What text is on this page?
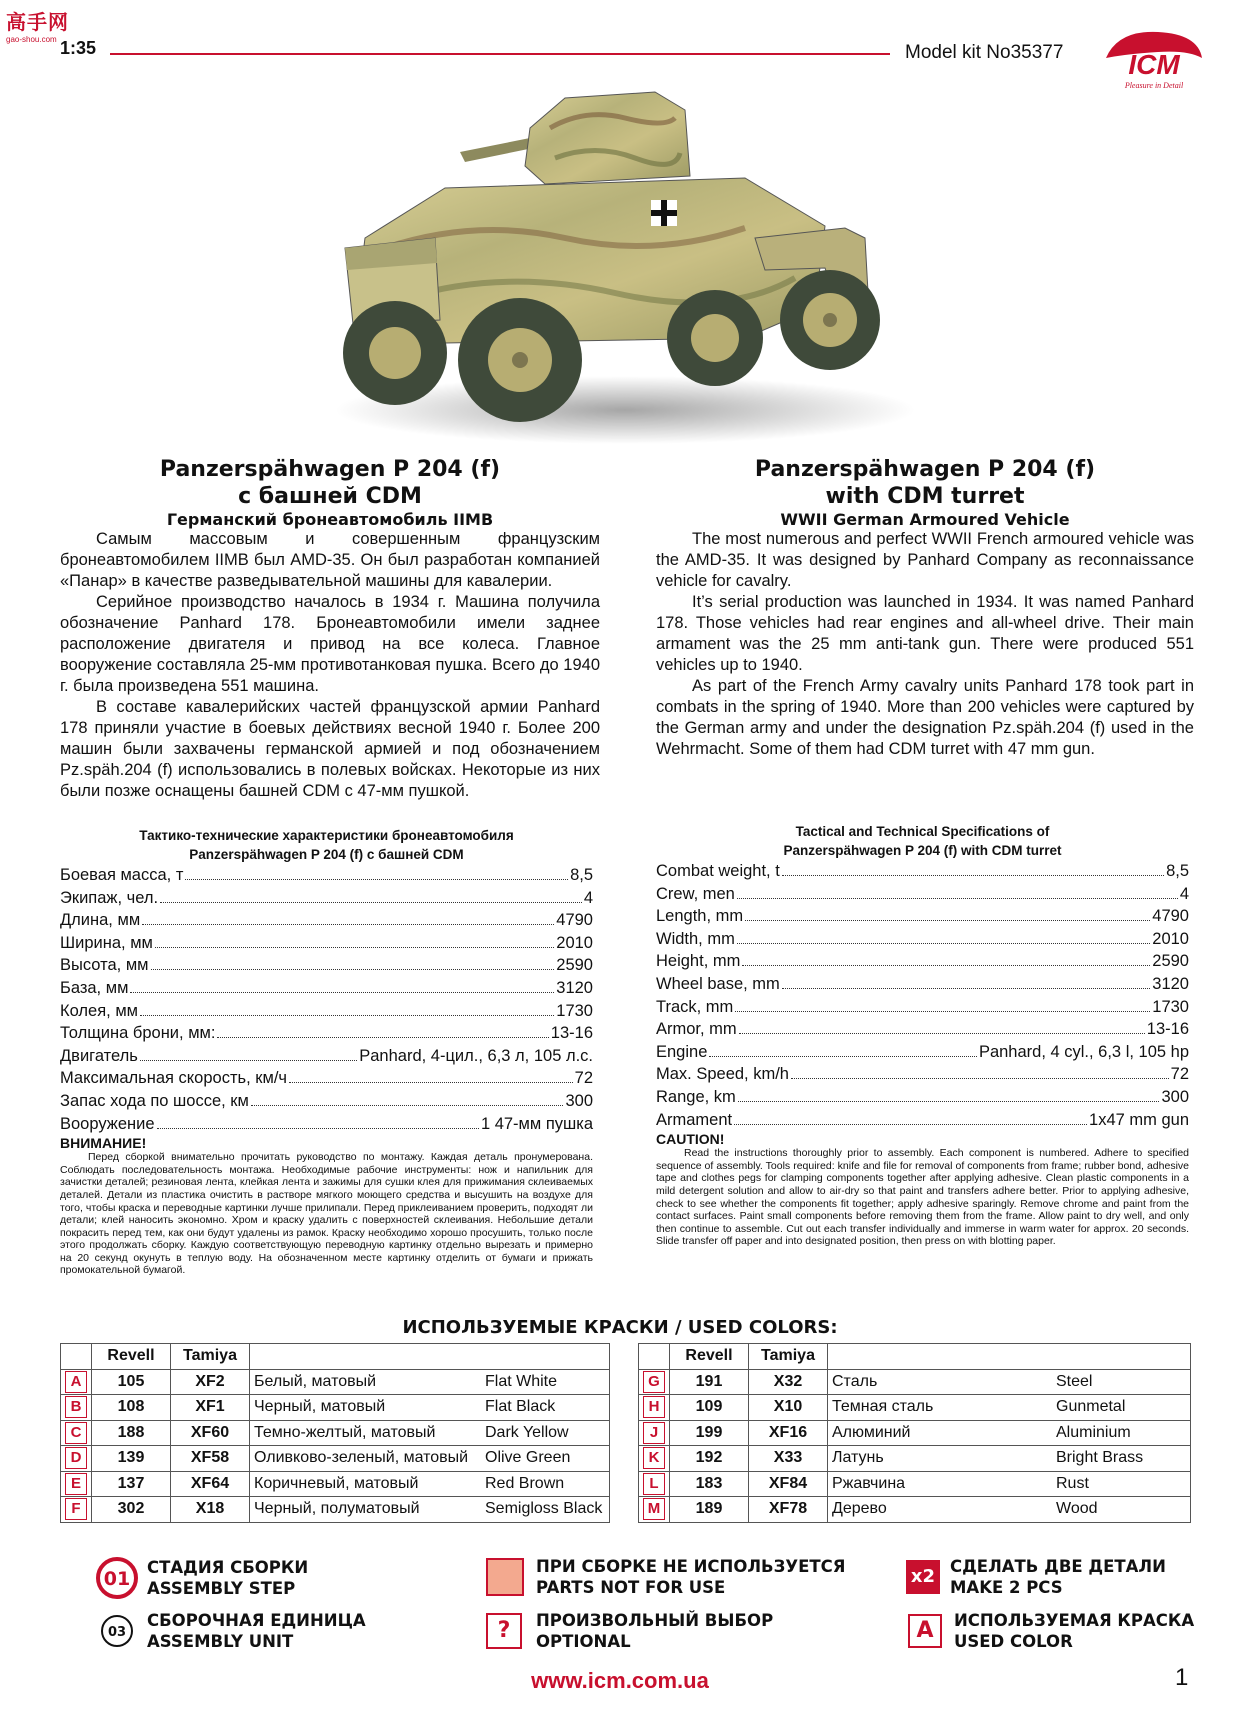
高手网
gao-shou.com 1:35	Model kit No35377 ICM
Pleasure in Detail
Panzerspähwagen P 204 (f)
с башней CDM
Германский бронеавтомобиль IIМВ

Самым массовым и совершенным французским бронеавтомобилем IIМВ был AMD-35. Он был разработан компанией «Панар» в качестве разведывательной машины для кавалерии.

Серийное производство началось в 1934 г. Машина получила обозначение Panhard 178. Бронеавтомобили имели заднее расположение двигателя и привод на все колеса. Главное вооружение составляла 25-мм противотанковая пушка. Всего до 1940 г. была произведена 551 машина.

В составе кавалерийских частей французской армии Panhard 178 приняли участие в боевых действиях весной 1940 г. Более 200 машин были захвачены германской армией и под обозначением Pz.späh.204 (f) использовались в полевых войсках. Некоторые из них были позже оснащены башней CDM с 47-мм пушкой.

Panzerspähwagen P 204 (f)
with CDM turret
WWII German Armoured Vehicle

The most numerous and perfect WWII French armoured vehicle was the AMD-35. It was designed by Panhard Company as reconnaissance vehicle for cavalry.

It’s serial production was launched in 1934. It was named Panhard 178. Those vehicles had rear engines and all-wheel drive. Their main armament was the 25 mm anti-tank gun. There were produced 551 vehicles up to 1940.

As part of the French Army cavalry units Panhard 178 took part in combats in the spring of 1940. More than 200 vehicles were captured by the German army and under the designation Pz.späh.204 (f) used in the Wehrmacht. Some of them had CDM turret with 47 mm gun.

Тактико-технические характеристики бронеавтомобиля
Panzerspähwagen P 204 (f) с башней CDM
Боевая масса, т	8,5
Экипаж, чел.	4
Длина, мм	4790
Ширина, мм	2010
Высота, мм	2590
База, мм	3120
Колея, мм	1730
Толщина брони, мм:	13-16
Двигатель	Panhard, 4-цил., 6,3 л, 105 л.с.
Максимальная скорость, км/ч	72
Запас хода по шоссе, км	300
Вооружение	1 47-мм пушка
ВНИМАНИЕ!

Перед сборкой внимательно прочитать руководство по монтажу. Каждая деталь пронумерована. Соблюдать последовательность монтажа. Необходимые рабочие инструменты: нож и напильник для зачистки деталей; резиновая лента, клейкая лента и зажимы для сушки клея для прижимания склеиваемых деталей. Детали из пластика очистить в растворе мягкого моющего средства и высушить на воздухе для того, чтобы краска и переводные картинки лучше прилипали. Перед приклеиванием проверить, подходят ли детали; клей наносить экономно. Хром и краску удалить с поверхностей склеивания. Небольшие детали покрасить перед тем, как они будут удалены из рамок. Краску необходимо хорошо просушить, только после этого продолжать сборку. Каждую соответствующую переводную картинку отдельно вырезать и примерно на 20 секунд окунуть в теплую воду. На обозначенном месте картинку отделить от бумаги и прижать промокательной бумагой.

Tactical and Technical Specifications of
Panzerspähwagen P 204 (f) with CDM turret
Combat weight, t	8,5
Crew, men	4
Length, mm	4790
Width, mm	2010
Height, mm	2590
Wheel base, mm	3120
Track, mm	1730
Armor, mm	13-16
Engine	Panhard, 4 cyl., 6,3 l, 105 hp
Max. Speed, km/h	72
Range, km	300
Armament	1x47 mm gun
CAUTION!

Read the instructions thoroughly prior to assembly. Each component is numbered. Adhere to specified sequence of assembly. Tools required: knife and file for removal of components from frame; rubber bond, adhesive tape and clothes pegs for clamping components together after applying adhesive. Clean plastic components in a mild detergent solution and allow to air-dry so that paint and transfers adhere better. Prior to applying adhesive, check to see whether the components fit together; apply adhesive sparingly. Remove chrome and paint from the contact surfaces. Paint small components before removing them from the frame. Allow paint to dry well, and only then continue to assemble. Cut out each transfer individually and immerse in warm water for approx. 20 seconds. Slide transfer off paper and into designated position, then press on with blotting paper.

ИСПОЛЬЗУЕМЫЕ КРАСКИ / USED COLORS:
	Revell	Tamiya		
A	105	XF2	Белый, матовый	Flat White
B	108	XF1	Черный, матовый	Flat Black
C	188	XF60	Темно-желтый, матовый	Dark Yellow
D	139	XF58	Оливково-зеленый, матовый	Olive Green
E	137	XF64	Коричневый, матовый	Red Brown
F	302	X18	Черный, полуматовый	Semigloss Black
	Revell	Tamiya		
G	191	X32	Сталь	Steel
H	109	X10	Темная сталь	Gunmetal
J	199	XF16	Алюминий	Aluminium
K	192	X33	Латунь	Bright Brass
L	183	XF84	Ржавчина	Rust
M	189	XF78	Дерево	Wood
01
СТАДИЯ СБОРКИ
ASSEMBLY STEP
03
СБОРОЧНАЯ ЕДИНИЦА
ASSEMBLY UNIT
ПРИ СБОРКЕ НЕ ИСПОЛЬЗУЕТСЯ
PARTS NOT FOR USE
?	ПРОИЗВОЛЬНЫЙ ВЫБОР
OPTIONAL
x2 СДЕЛАТЬ ДВЕ ДЕТАЛИ
MAKE 2 PCS
A	ИСПОЛЬЗУЕМАЯ КРАСКА
USED COLOR
www.icm.com.ua	1
